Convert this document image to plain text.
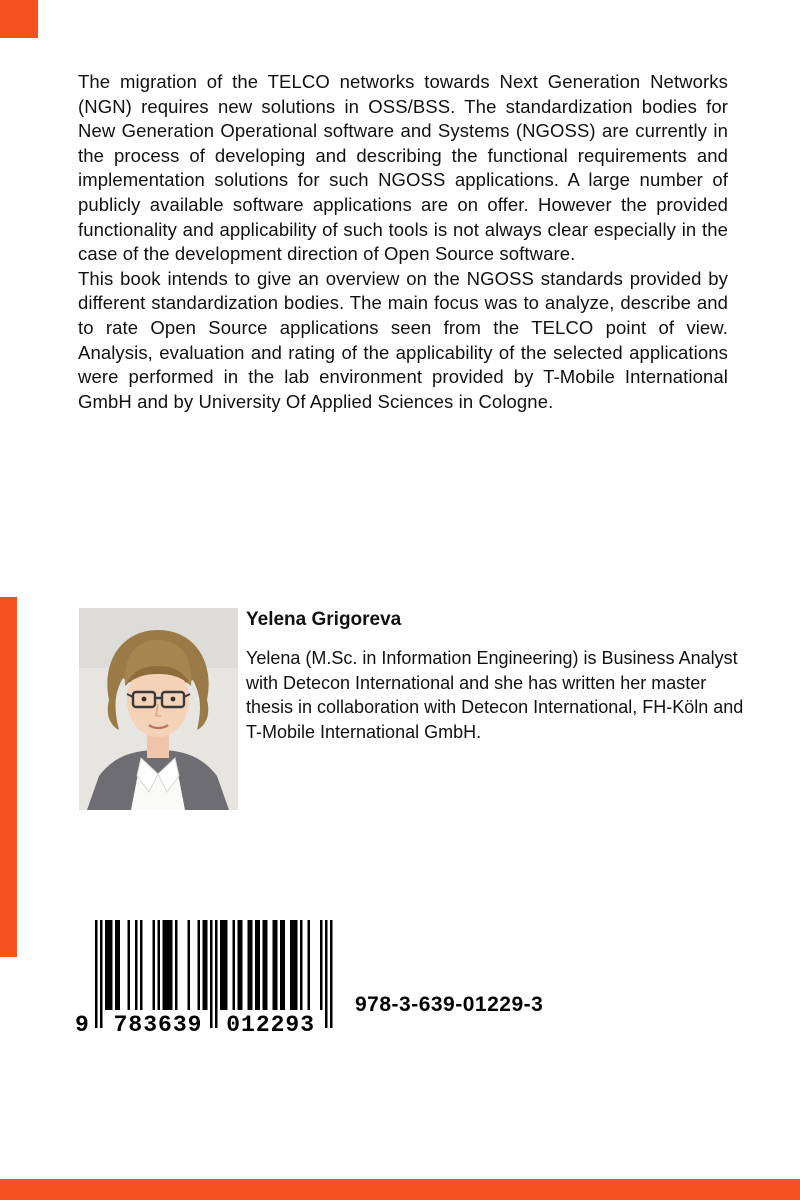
The migration of the TELCO networks towards Next Generation Networks (NGN) requires new solutions in OSS/BSS. The standardization bodies for New Generation Operational software and Systems (NGOSS) are currently in the process of developing and describing the functional requirements and implementation solutions for such NGOSS applications. A large number of publicly available software applications are on offer. However the provided functionality and applicability of such tools is not always clear especially in the case of the development direction of Open Source software.

This book intends to give an overview on the NGOSS standards provided by different standardization bodies. The main focus was to analyze, describe and to rate Open Source applications seen from the TELCO point of view. Analysis, evaluation and rating of the applicability of the selected applications were performed in the lab environment provided by T-Mobile International GmbH and by University Of Applied Sciences in Cologne.

Yelena Grigoreva
Yelena (M.Sc. in Information Engineering) is Business Analyst with Detecon International and she has written her master thesis in collaboration with Detecon International, FH-Köln and T-Mobile International GmbH.
9 783639 012293
978-3-639-01229-3
